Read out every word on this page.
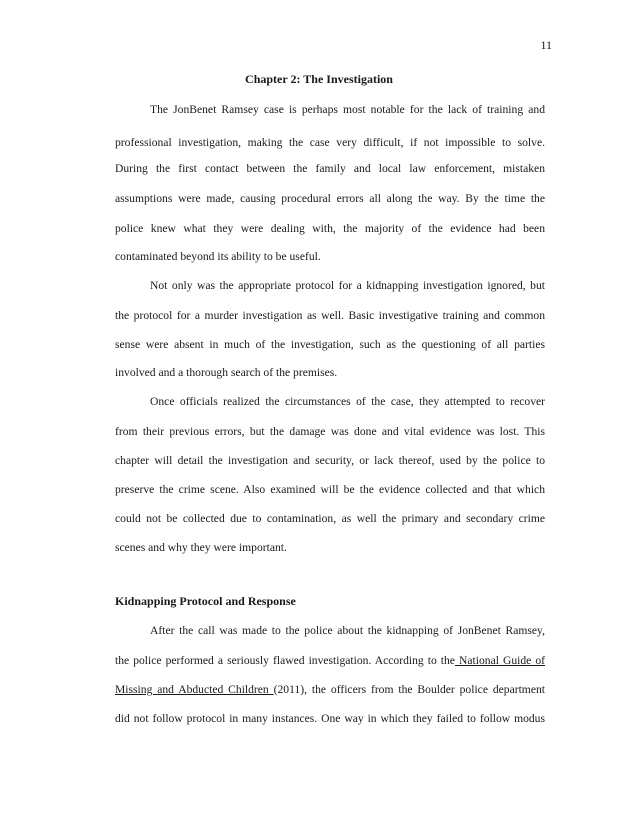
11
Chapter 2: The Investigation
The JonBenet Ramsey case is perhaps most notable for the lack of training and
professional investigation, making the case very difficult, if not impossible to solve.
During the first contact between the family and local law enforcement, mistaken
assumptions were made, causing procedural errors all along the way. By the time the
police knew what they were dealing with, the majority of the evidence had been
contaminated beyond its ability to be useful.
Not only was the appropriate protocol for a kidnapping investigation ignored, but
the protocol for a murder investigation as well. Basic investigative training and common
sense were absent in much of the investigation, such as the questioning of all parties
involved and a thorough search of the premises.
Once officials realized the circumstances of the case, they attempted to recover
from their previous errors, but the damage was done and vital evidence was lost. This
chapter will detail the investigation and security, or lack thereof, used by the police to
preserve the crime scene. Also examined will be the evidence collected and that which
could not be collected due to contamination, as well the primary and secondary crime
scenes and why they were important.
Kidnapping Protocol and Response
After the call was made to the police about the kidnapping of JonBenet Ramsey,
the police performed a seriously flawed investigation. According to the National Guide of
Missing and Abducted Children (2011), the officers from the Boulder police department
did not follow protocol in many instances. One way in which they failed to follow modus
